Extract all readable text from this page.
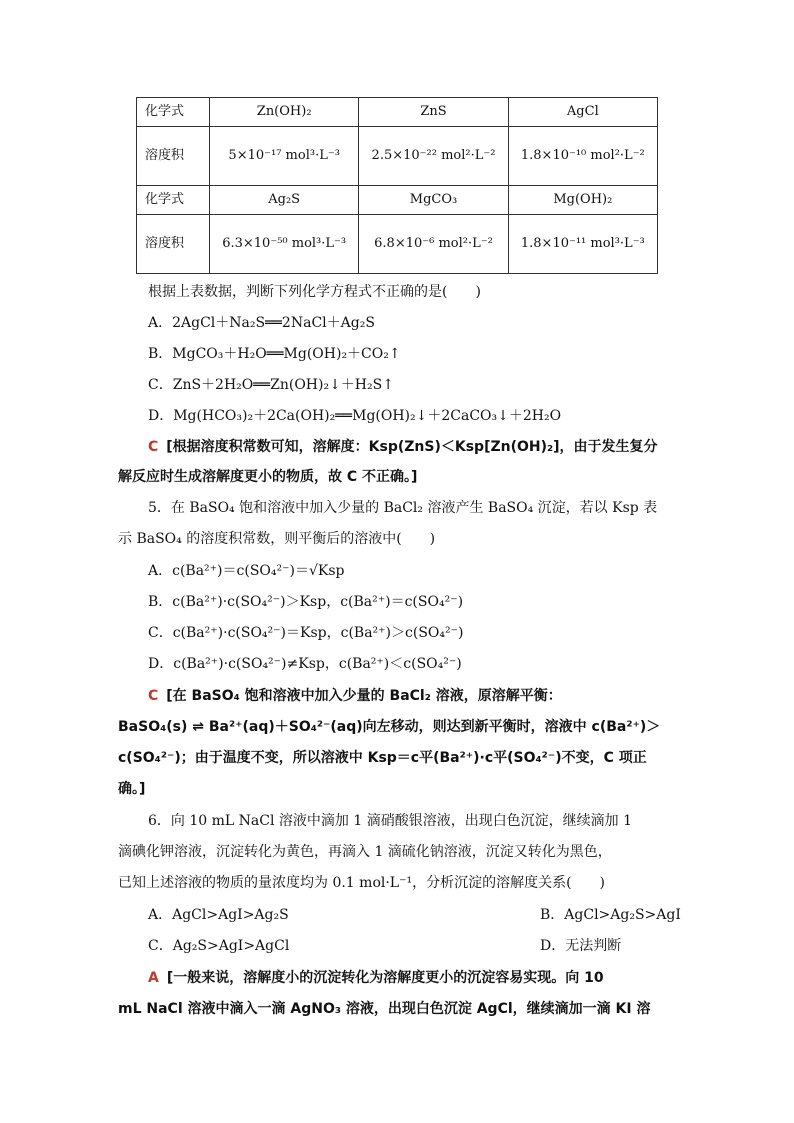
化学式	Zn(OH)₂	ZnS	AgCl
溶度积	5×10⁻¹⁷ mol³·L⁻³	2.5×10⁻²² mol²·L⁻²	1.8×10⁻¹⁰ mol²·L⁻²
化学式	Ag₂S	MgCO₃	Mg(OH)₂
溶度积	6.3×10⁻⁵⁰ mol³·L⁻³	6.8×10⁻⁶ mol²·L⁻²	1.8×10⁻¹¹ mol³·L⁻³
根据上表数据，判断下列化学方程式不正确的是(　　)
A．2AgCl＋Na₂S══2NaCl＋Ag₂S
B．MgCO₃＋H₂O══Mg(OH)₂＋CO₂↑
C．ZnS＋2H₂O══Zn(OH)₂↓＋H₂S↑
D．Mg(HCO₃)₂＋2Ca(OH)₂══Mg(OH)₂↓＋2CaCO₃↓＋2H₂O
C [根据溶度积常数可知，溶解度：Ksp(ZnS)＜Ksp[Zn(OH)₂]，由于发生复分
解反应时生成溶解度更小的物质，故 C 不正确。]
5．在 BaSO₄ 饱和溶液中加入少量的 BaCl₂ 溶液产生 BaSO₄ 沉淀，若以 Ksp 表
示 BaSO₄ 的溶度积常数，则平衡后的溶液中(　　)
A．c(Ba²⁺)＝c(SO₄²⁻)＝√Ksp
B．c(Ba²⁺)·c(SO₄²⁻)＞Ksp，c(Ba²⁺)＝c(SO₄²⁻)
C．c(Ba²⁺)·c(SO₄²⁻)＝Ksp，c(Ba²⁺)＞c(SO₄²⁻)
D．c(Ba²⁺)·c(SO₄²⁻)≠Ksp，c(Ba²⁺)＜c(SO₄²⁻)
C [在 BaSO₄ 饱和溶液中加入少量的 BaCl₂ 溶液，原溶解平衡：
BaSO₄(s) ⇌ Ba²⁺(aq)＋SO₄²⁻(aq)向左移动，则达到新平衡时，溶液中 c(Ba²⁺)＞
c(SO₄²⁻)；由于温度不变，所以溶液中 Ksp＝c平(Ba²⁺)·c平(SO₄²⁻)不变，C 项正
确。]
6．向 10 mL NaCl 溶液中滴加 1 滴硝酸银溶液，出现白色沉淀，继续滴加 1
滴碘化钾溶液，沉淀转化为黄色，再滴入 1 滴硫化钠溶液，沉淀又转化为黑色，
已知上述溶液的物质的量浓度均为 0.1 mol·L⁻¹，分析沉淀的溶解度关系(　　)
A．AgCl>AgI>Ag₂S	B．AgCl>Ag₂S>AgI
C．Ag₂S>AgI>AgCl	D．无法判断
A [一般来说，溶解度小的沉淀转化为溶解度更小的沉淀容易实现。向 10
mL NaCl 溶液中滴入一滴 AgNO₃ 溶液，出现白色沉淀 AgCl，继续滴加一滴 KI 溶
